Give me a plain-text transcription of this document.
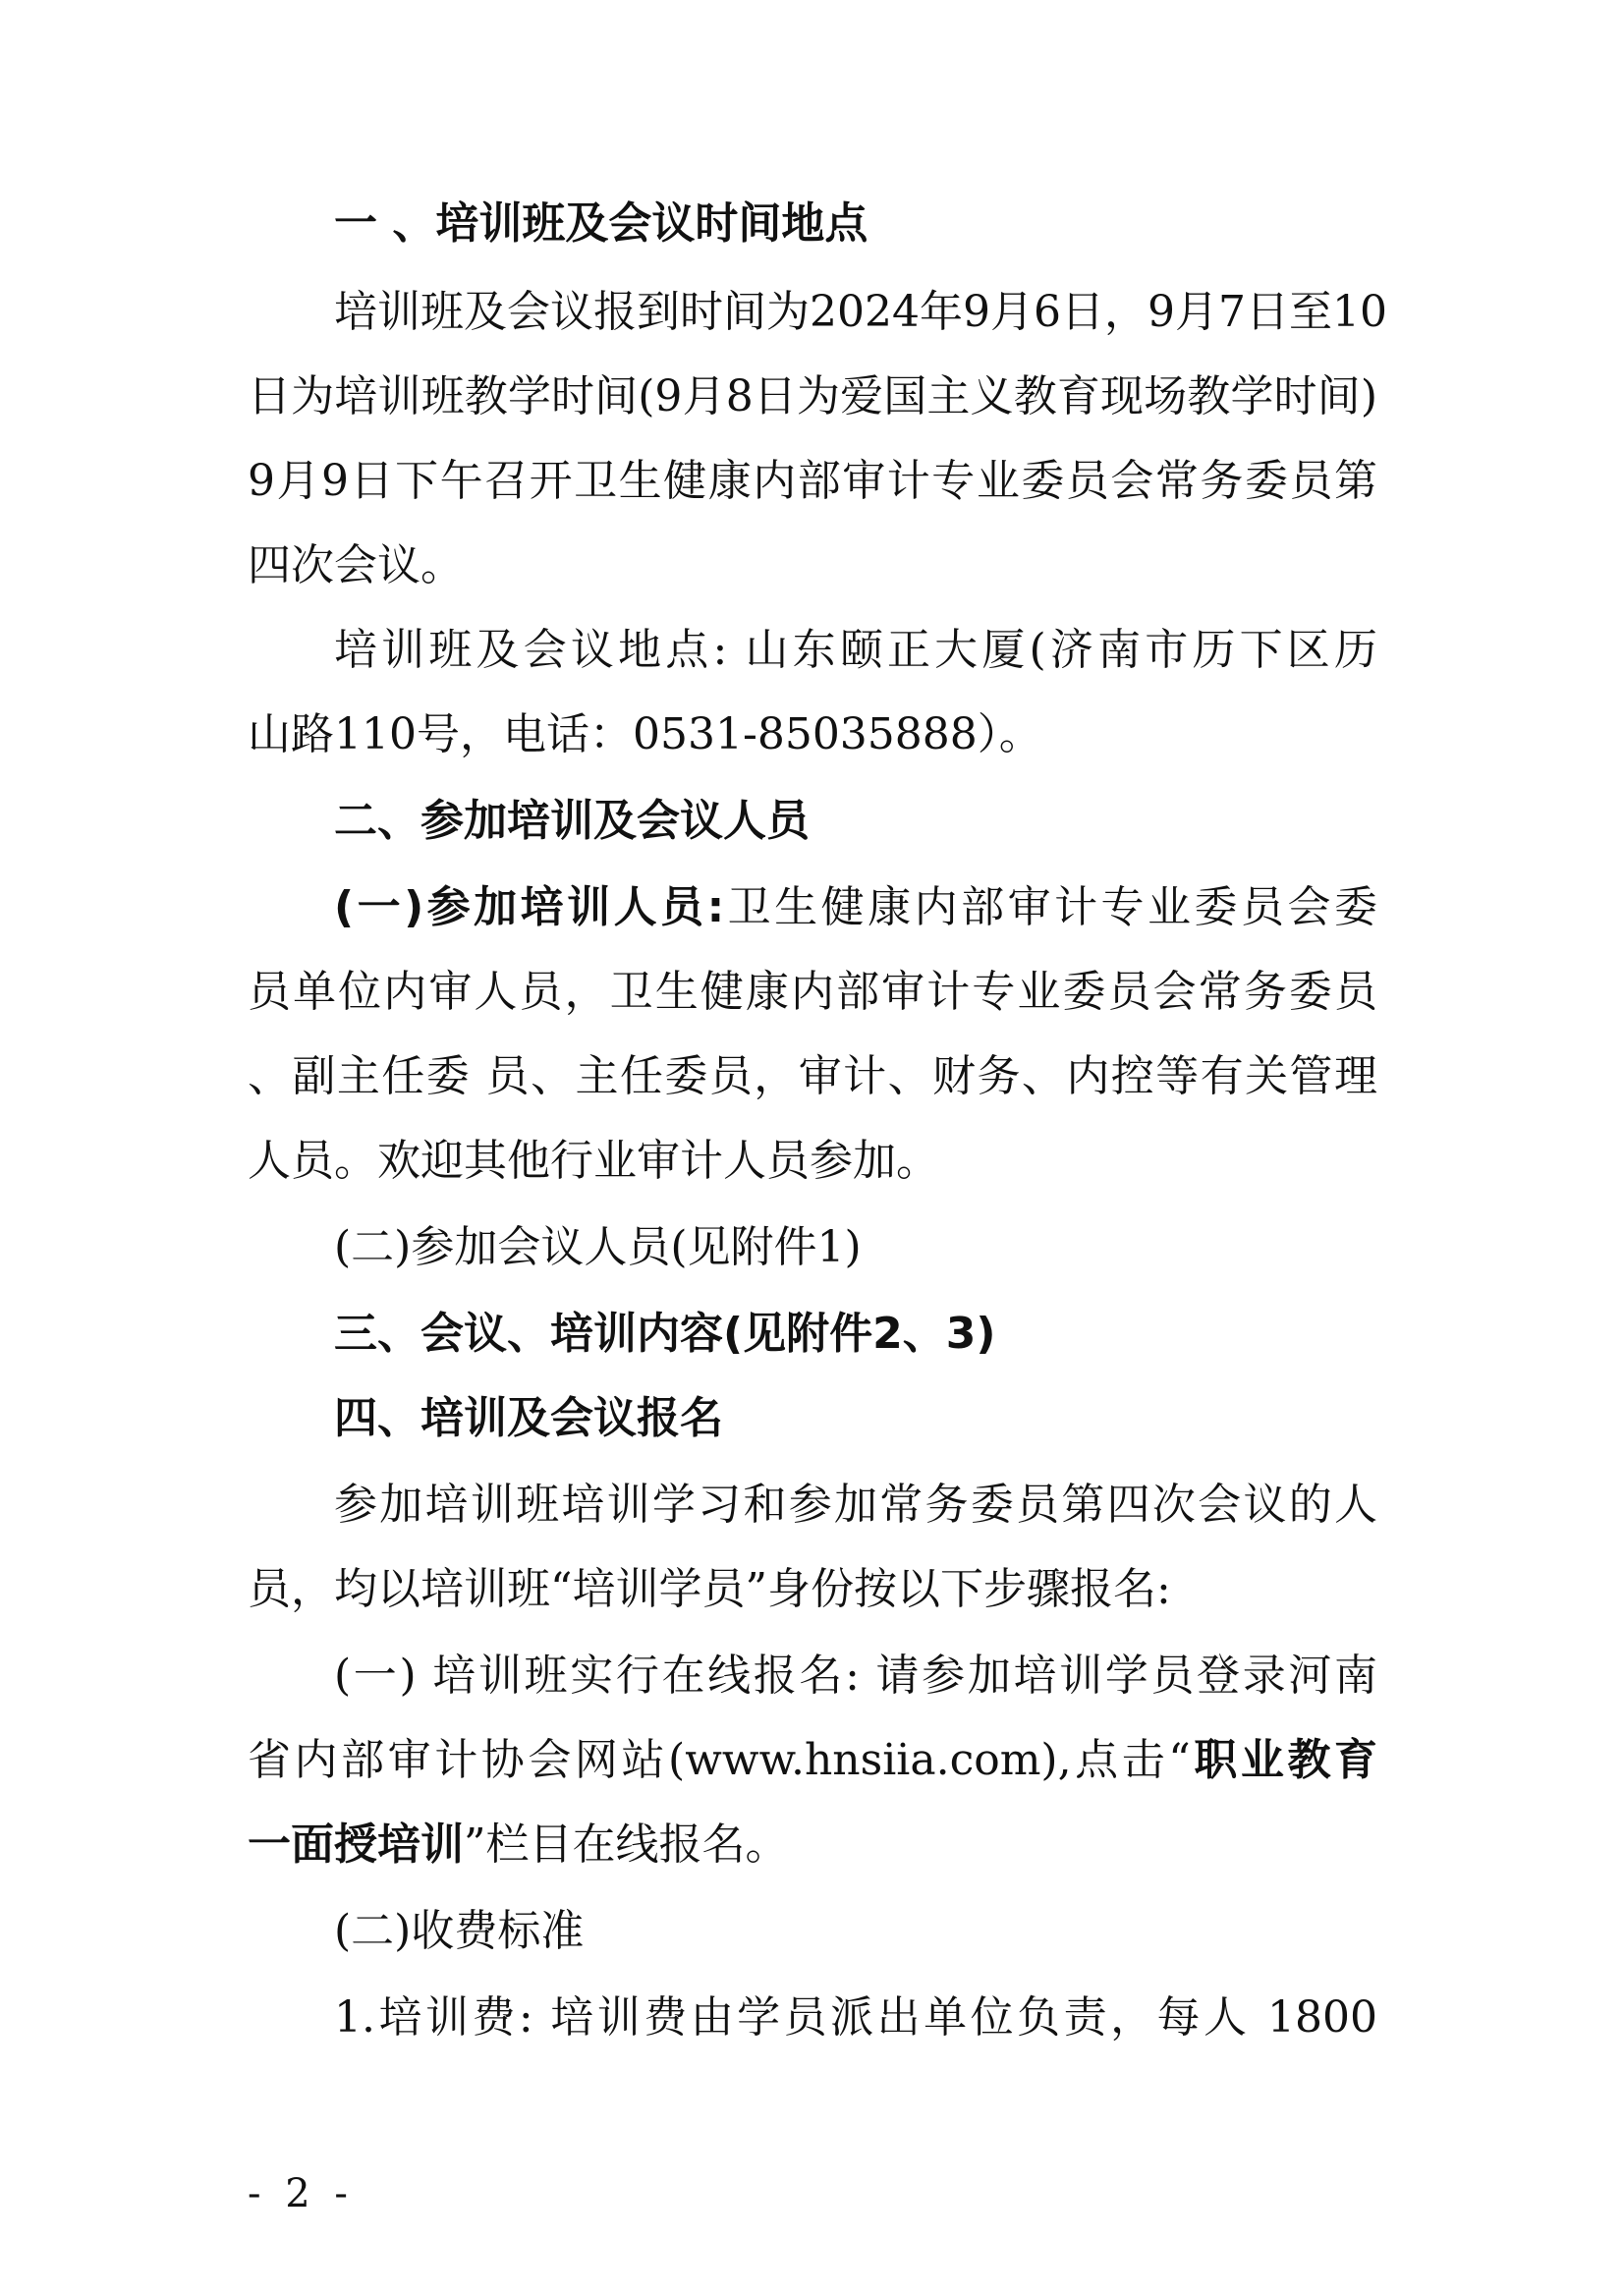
一 、培训班及会议时间地点
培训班及会议报到时间为2024年9月6日，9月7日至10
日为培训班教学时间(9月8日为爱国主义教育现场教学时间)
9月9日下午召开卫生健康内部审计专业委员会常务委员第
四次会议。
培训班及会议地点: 山东颐正大厦(济南市历下区历
山路110号，电话：0531-85035888）。
二、参加培训及会议人员
(一)参加培训人员:卫生健康内部审计专业委员会委
员单位内审人员，卫生健康内部审计专业委员会常务委员
、副主任委 员、主任委员，审计、财务、内控等有关管理
人员。欢迎其他行业审计人员参加。
(二)参加会议人员(见附件1)
三、会议、培训内容(见附件2、3)
四、培训及会议报名
参加培训班培训学习和参加常务委员第四次会议的人
员，均以培训班“培训学员”身份按以下步骤报名:
(一) 培训班实行在线报名: 请参加培训学员登录河南
省内部审计协会网站(www.hnsiia.com),点击“职业教育
一面授培训”栏目在线报名。
(二)收费标准
1.培训费: 培训费由学员派出单位负责，每人 1800
- 2 -
